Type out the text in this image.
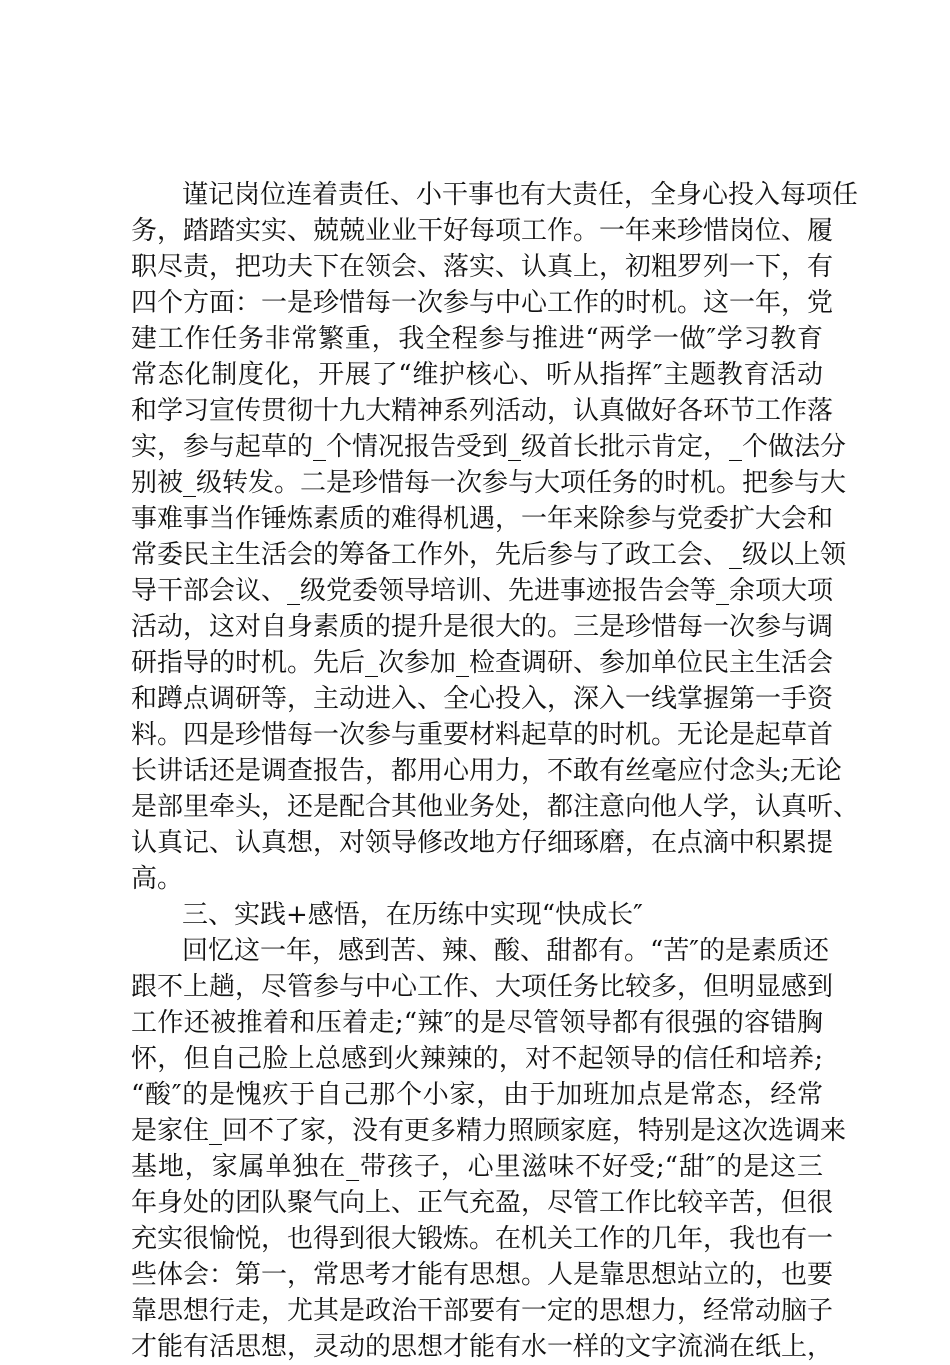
谨记岗位连着责任、小干事也有大责任，全身心投入每项任
务，踏踏实实、兢兢业业干好每项工作。一年来珍惜岗位、履
职尽责，把功夫下在领会、落实、认真上，初粗罗列一下，有
四个方面：一是珍惜每一次参与中心工作的时机。这一年，党
建工作任务非常繁重，我全程参与推进“两学一做″学习教育
常态化制度化，开展了“维护核心、听从指挥″主题教育活动
和学习宣传贯彻十九大精神系列活动，认真做好各环节工作落
实，参与起草的_个情况报告受到_级首长批示肯定，_个做法分
别被_级转发。二是珍惜每一次参与大项任务的时机。把参与大
事难事当作锤炼素质的难得机遇，一年来除参与党委扩大会和
常委民主生活会的筹备工作外，先后参与了政工会、_级以上领
导干部会议、_级党委领导培训、先进事迹报告会等_余项大项
活动，这对自身素质的提升是很大的。三是珍惜每一次参与调
研指导的时机。先后_次参加_检查调研、参加单位民主生活会
和蹲点调研等，主动进入、全心投入，深入一线掌握第一手资
料。四是珍惜每一次参与重要材料起草的时机。无论是起草首
长讲话还是调查报告，都用心用力，不敢有丝毫应付念头;无论
是部里牵头，还是配合其他业务处，都注意向他人学，认真听、
认真记、认真想，对领导修改地方仔细琢磨，在点滴中积累提
高。
三、实践+感悟，在历练中实现“快成长″
回忆这一年，感到苦、辣、酸、甜都有。“苦″的是素质还
跟不上趟，尽管参与中心工作、大项任务比较多，但明显感到
工作还被推着和压着走;“辣″的是尽管领导都有很强的容错胸
怀，但自己脸上总感到火辣辣的，对不起领导的信任和培养;
“酸″的是愧疚于自己那个小家，由于加班加点是常态，经常
是家住_回不了家，没有更多精力照顾家庭，特别是这次选调来
基地，家属单独在_带孩子，心里滋味不好受;“甜″的是这三
年身处的团队聚气向上、正气充盈，尽管工作比较辛苦，但很
充实很愉悦，也得到很大锻炼。在机关工作的几年，我也有一
些体会：第一，常思考才能有思想。人是靠思想站立的，也要
靠思想行走，尤其是政治干部要有一定的思想力，经常动脑子
才能有活思想，灵动的思想才能有水一样的文字流淌在纸上，
